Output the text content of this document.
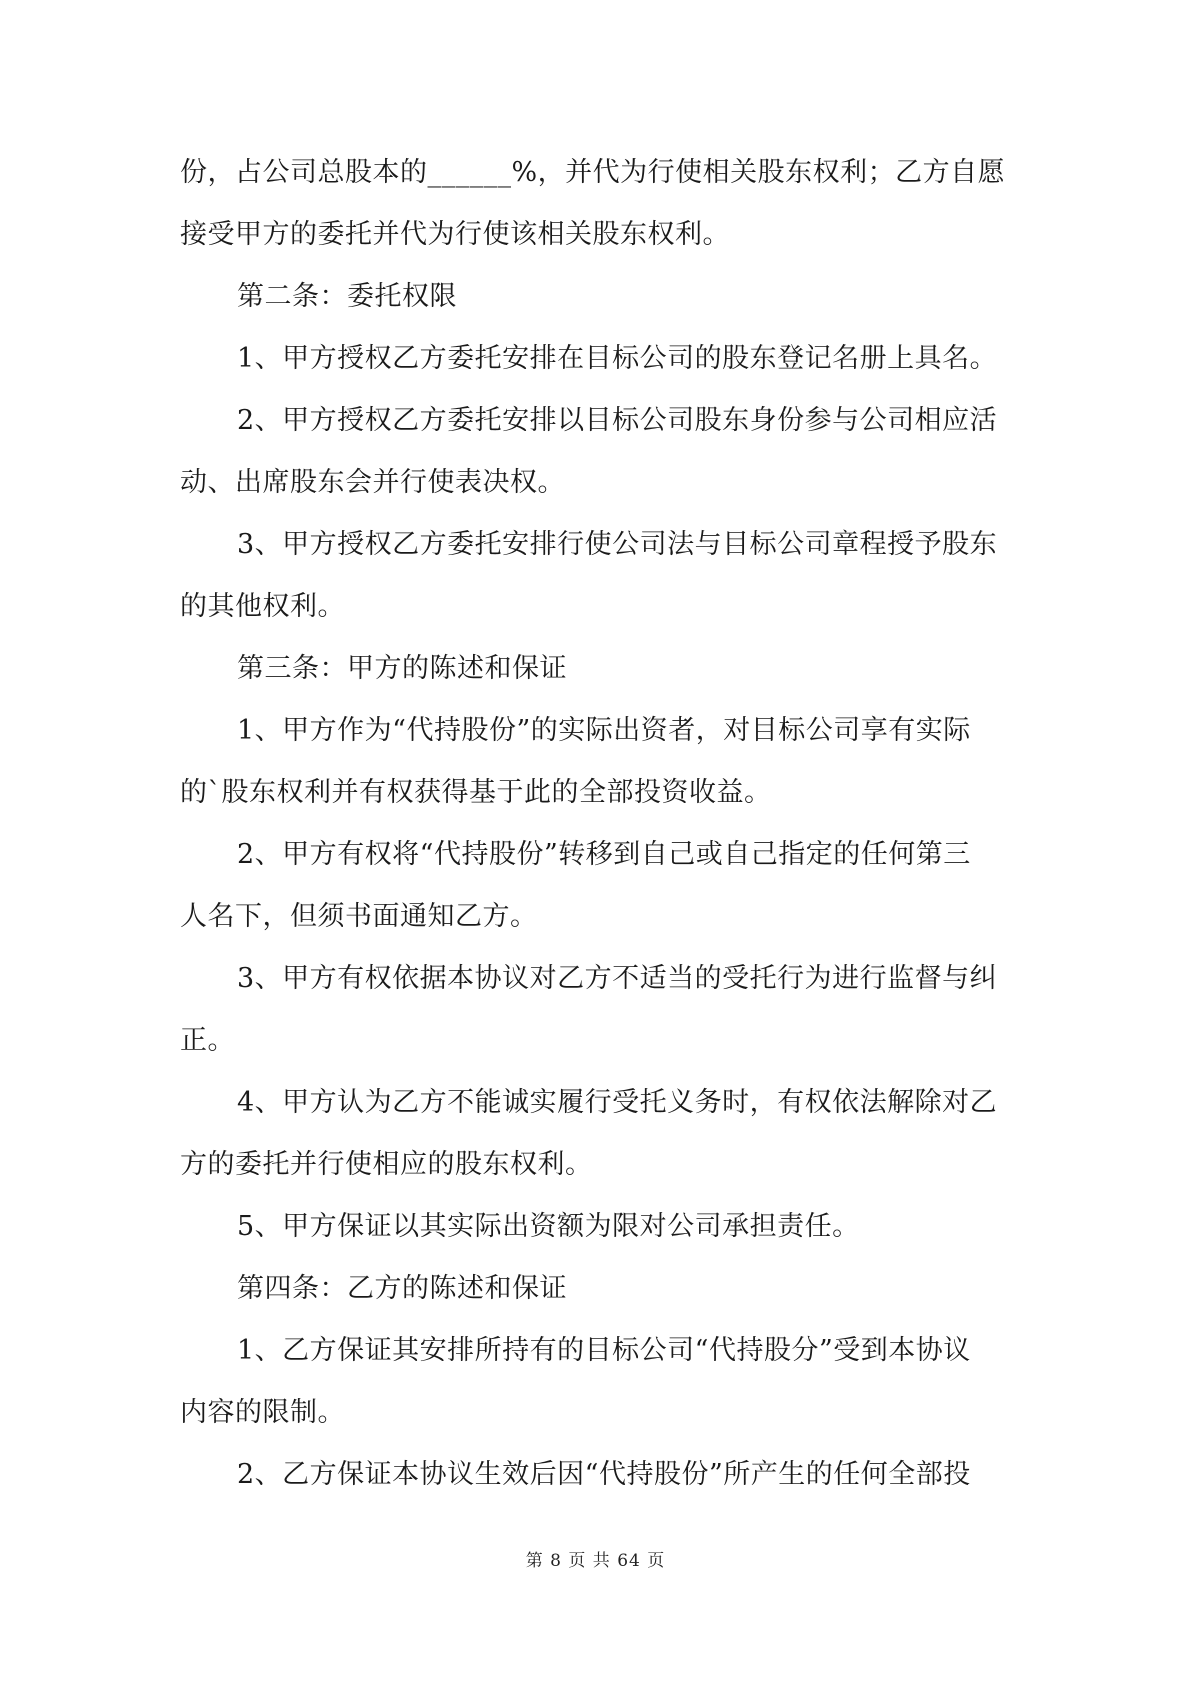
份，占公司总股本的______%，并代为行使相关股东权利；乙方自愿
接受甲方的委托并代为行使该相关股东权利。
第二条：委托权限
1、甲方授权乙方委托安排在目标公司的股东登记名册上具名。
2、甲方授权乙方委托安排以目标公司股东身份参与公司相应活
动、出席股东会并行使表决权。
3、甲方授权乙方委托安排行使公司法与目标公司章程授予股东
的其他权利。
第三条：甲方的陈述和保证
1、甲方作为“代持股份”的实际出资者，对目标公司享有实际
的`股东权利并有权获得基于此的全部投资收益。
2、甲方有权将“代持股份”转移到自己或自己指定的任何第三
人名下，但须书面通知乙方。
3、甲方有权依据本协议对乙方不适当的受托行为进行监督与纠
正。
4、甲方认为乙方不能诚实履行受托义务时，有权依法解除对乙
方的委托并行使相应的股东权利。
5、甲方保证以其实际出资额为限对公司承担责任。
第四条：乙方的陈述和保证
1、乙方保证其安排所持有的目标公司“代持股分”受到本协议
内容的限制。
2、乙方保证本协议生效后因“代持股份”所产生的任何全部投
第 8 页 共 64 页
